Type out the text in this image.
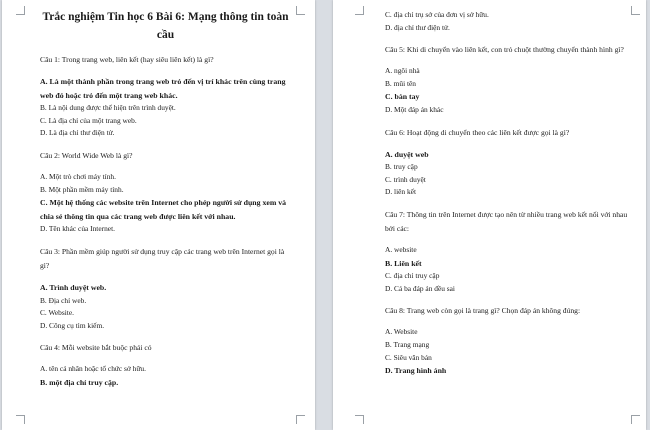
Trắc nghiệm Tin học 6 Bài 6: Mạng thông tin toàn
cầu
Câu 1: Trong trang web, liên kết (hay siêu liên kết) là gì?
A. Là một thành phần trong trang web trỏ đến vị trí khác trên cùng trang web đó hoặc trỏ đến một trang web khác.
B. Là nội dung được thể hiện trên trình duyệt.
C. Là địa chỉ của một trang web.
D. Là địa chỉ thư điện tử.
Câu 2: World Wide Web là gì?
A. Một trò chơi máy tính.
B. Một phần mềm máy tính.
C. Một hệ thống các website trên Internet cho phép người sử dụng xem và chia sẻ thông tin qua các trang web được liên kết với nhau.
D. Tên khác của Internet.
Câu 3: Phần mềm giúp người sử dụng truy cập các trang web trên Internet gọi là gì?
A. Trình duyệt web.
B. Địa chỉ web.
C. Website.
D. Công cụ tìm kiếm.
Câu 4: Mỗi website bắt buộc phải có
A. tên cá nhân hoặc tổ chức sở hữu.
B. một địa chỉ truy cập.
C. địa chỉ trụ sở của đơn vị sở hữu.
D. địa chỉ thư điện tử.
Câu 5: Khi di chuyển vào liên kết, con trỏ chuột thường chuyển thành hình gì?
A. ngôi nhà
B. mũi tên
C. bàn tay
D. Một đáp án khác
Câu 6: Hoạt động di chuyển theo các liên kết được gọi là gì?
A. duyệt web
B. truy cập
C. trình duyệt
D. liên kết
Câu 7: Thông tin trên Internet được tạo nên từ nhiều trang web kết nối với nhau bởi các:
A. website
B. Liên kết
C. địa chỉ truy cập
D. Cả ba đáp án đều sai
Câu 8: Trang web còn gọi là trang gì? Chọn đáp án không đúng:
A. Website
B. Trang mạng
C. Siêu văn bản
D. Trang hình ảnh
